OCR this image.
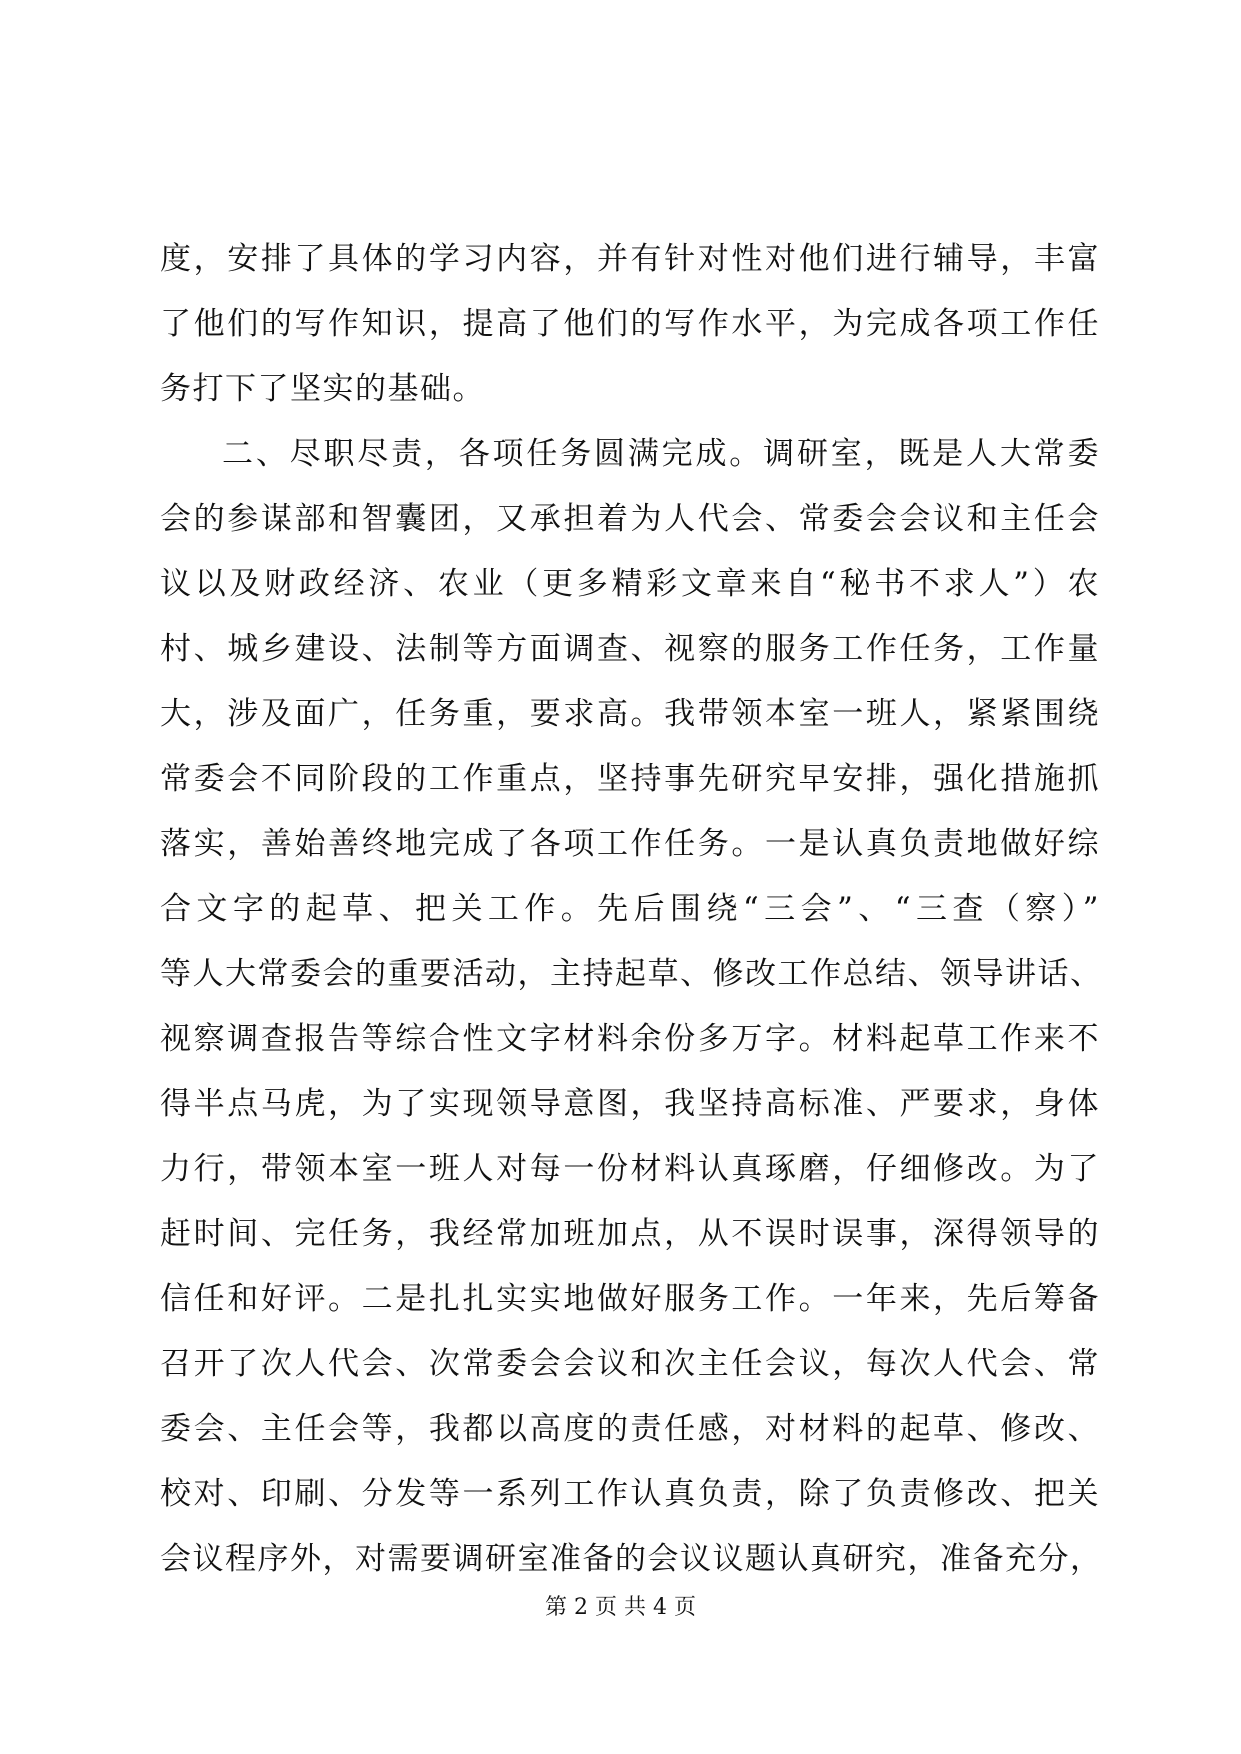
度，安排了具体的学习内容，并有针对性对他们进行辅导，丰富
了他们的写作知识，提高了他们的写作水平，为完成各项工作任
务打下了坚实的基础。
二、尽职尽责，各项任务圆满完成。调研室，既是人大常委
会的参谋部和智囊团，又承担着为人代会、常委会会议和主任会
议以及财政经济、农业（更多精彩文章来自“秘书不求人”）农
村、城乡建设、法制等方面调查、视察的服务工作任务，工作量
大，涉及面广，任务重，要求高。我带领本室一班人，紧紧围绕
常委会不同阶段的工作重点，坚持事先研究早安排，强化措施抓
落实，善始善终地完成了各项工作任务。一是认真负责地做好综
合文字的起草、把关工作。先后围绕“三会”、“三查（察）”
等人大常委会的重要活动，主持起草、修改工作总结、领导讲话、
视察调查报告等综合性文字材料余份多万字。材料起草工作来不
得半点马虎，为了实现领导意图，我坚持高标准、严要求，身体
力行，带领本室一班人对每一份材料认真琢磨，仔细修改。为了
赶时间、完任务，我经常加班加点，从不误时误事，深得领导的
信任和好评。二是扎扎实实地做好服务工作。一年来，先后筹备
召开了次人代会、次常委会会议和次主任会议，每次人代会、常
委会、主任会等，我都以高度的责任感，对材料的起草、修改、
校对、印刷、分发等一系列工作认真负责，除了负责修改、把关
会议程序外，对需要调研室准备的会议议题认真研究，准备充分，
第 2 页 共 4 页
